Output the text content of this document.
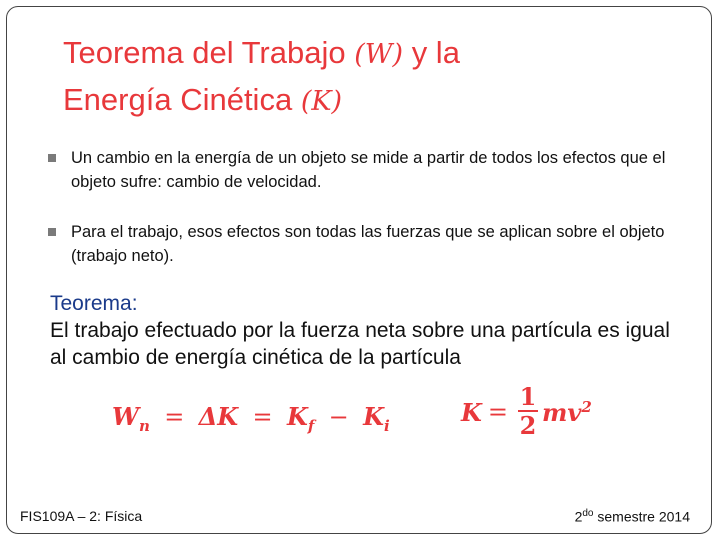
Teorema del Trabajo (W) y la
Energía Cinética (K)
Un cambio en la energía de un objeto se mide a partir de todos los efectos que el objeto sufre: cambio de velocidad.
Para el trabajo, esos efectos son todas las fuerzas que se aplican sobre el objeto (trabajo neto).
Teorema:
El trabajo efectuado por la fuerza neta sobre una partícula es igual al cambio de energía cinética de la partícula
$W_n = \Delta K = K_f - K_i$	$K = \frac{1}{2} mv^2$
FIS109A – 2: Física	$2^{do}$ semestre 2014
